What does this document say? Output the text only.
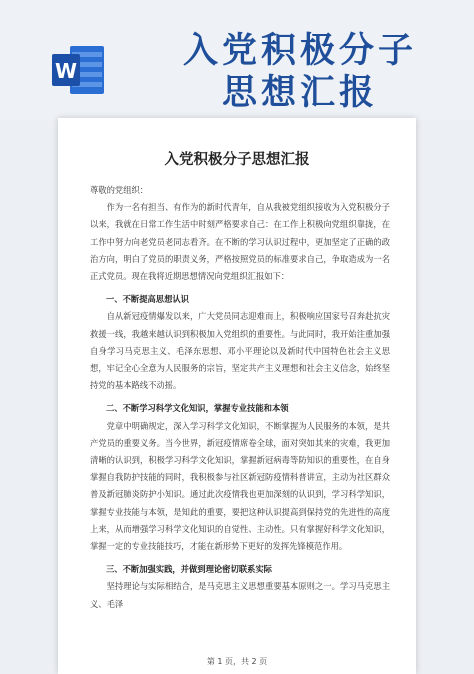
W	入党积极分子
思想汇报
入党积极分子思想汇报

尊敬的党组织：

作为一名有担当、有作为的新时代青年，自从我被党组织接收为入党积极分子以来，我就在日常工作生活中时刻严格要求自己：在工作上积极向党组织靠拢，在工作中努力向老党员老同志看齐。在不断的学习认识过程中，更加坚定了正确的政治方向，明白了党员的职责义务，严格按照党员的标准要求自己，争取造成为一名正式党员。现在我将近期思想情况向党组织汇报如下：

一、不断提高思想认识

自从新冠疫情爆发以来，广大党员同志迎难而上，积极响应国家号召奔赴抗灾救援一线，我越来越认识到积极加入党组织的重要性。与此同时，我开始注重加强自身学习马克思主义、毛泽东思想、邓小平理论以及新时代中国特色社会主义思想，牢记全心全意为人民服务的宗旨，坚定共产主义理想和社会主义信念，始终坚持党的基本路线不动摇。

二、不断学习科学文化知识，掌握专业技能和本领

党章中明确规定，深入学习科学文化知识，不断掌握为人民服务的本领，是共产党员的重要义务。当今世界，新冠疫情席卷全球，面对突如其来的灾难，我更加清晰的认识到，积极学习科学文化知识，掌握新冠病毒等防知识的重要性，在自身掌握自我防护技能的同时，我积极参与社区新冠防疫情科普讲宣，主动为社区群众普及新冠肺炎防护小知识。通过此次疫情我也更加深刻的认识到，学习科学知识，掌握专业技能与本领，是知此的重要，要把这种认识提高到保持党的先进性的高度上来，从而增强学习科学文化知识的自觉性、主动性。只有掌握好科学文化知识，掌握一定的专业技能技巧，才能在新形势下更好的发挥先锋模范作用。

三、不断加强实践，并做到理论密切联系实际

坚持理论与实际相结合，是马克思主义思想重要基本原则之一。学习马克思主义、毛泽

第 1 页，共 2 页
